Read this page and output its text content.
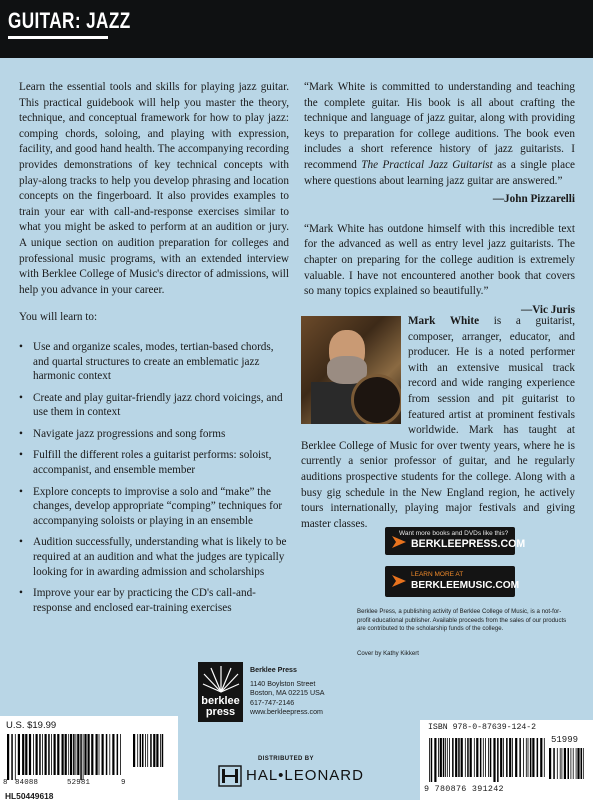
GUITAR: JAZZ

Learn the essential tools and skills for playing jazz guitar. This practical guidebook will help you master the theory, technique, and conceptual framework for how to play jazz: comping chords, soloing, and playing with expression, facility, and good hand health. The accompanying recording provides demonstrations of key technical concepts with play-along tracks to help you develop phrasing and location concepts on the fingerboard. It also provides examples to train your ear with call-and-response exercises similar to what you might be asked to perform at an audition or jury. A unique section on audition preparation for colleges and professional music programs, with an extended interview with Berklee College of Music's director of admissions, will help you advance in your career.

You will learn to:

• Use and organize scales, modes, tertian-based chords, and quartal structures to create an emblematic jazz harmonic context
• Create and play guitar-friendly jazz chord voicings, and use them in context
• Navigate jazz progressions and song forms
• Fulfill the different roles a guitarist performs: soloist, accompanist, and ensemble member
• Explore concepts to improvise a solo and “make” the changes, develop appropriate “comping” techniques for accompanying soloists or playing in an ensemble
• Audition successfully, understanding what is likely to be required at an audition and what the judges are typically looking for in awarding admission and scholarships
• Improve your ear by practicing the CD's call-and-response and enclosed ear-training exercises

“Mark White is committed to understanding and teaching the complete guitar. His book is all about crafting the technique and language of jazz guitar, along with providing keys to preparation for college auditions. The book even includes a short reference history of jazz guitarists. I recommend The Practical Jazz Guitarist as a single place where questions about learning jazz guitar are answered.”

—John Pizzarelli

“Mark White has outdone himself with this incredible text for the advanced as well as entry level jazz guitarists. The chapter on preparing for the college audition is extremely valuable. I have not encountered another book that covers so many topics explained so beautifully.”

—Vic Juris

Mark White is a guitarist, composer, arranger, educator, and producer. He is a noted performer with an extensive musical track record and wide ranging experience from session and pit guitarist to featured artist at prominent festivals worldwide. Mark has taught at Berklee College of Music for over twenty years, where he is currently a senior professor of guitar, and he regularly auditions prospective students for the college. Along with a busy gig schedule in the New England region, he actively tours internationally, playing major festivals and giving master classes.

Want more books and DVDs like this?
BERKLEEPRESS.COM
LEARN MORE AT
BERKLEEMUSIC.COM
Berklee Press, a publishing activity of Berklee College of Music, is a not-for-profit educational publisher. Available proceeds from the sales of our products are contributed to the scholarship funds of the college.
Cover by Kathy Kikkert
berklee
press
Berklee Press
1140 Boylston Street
Boston, MA 02215 USA
617-747-2146
www.berkleepress.com
U.S. $19.99
8 84088	52981	9
HL50449618
ISBN 978-0-87639-124-2
51999
9 780876 391242
DISTRIBUTED BY
HAL•LEONARD
